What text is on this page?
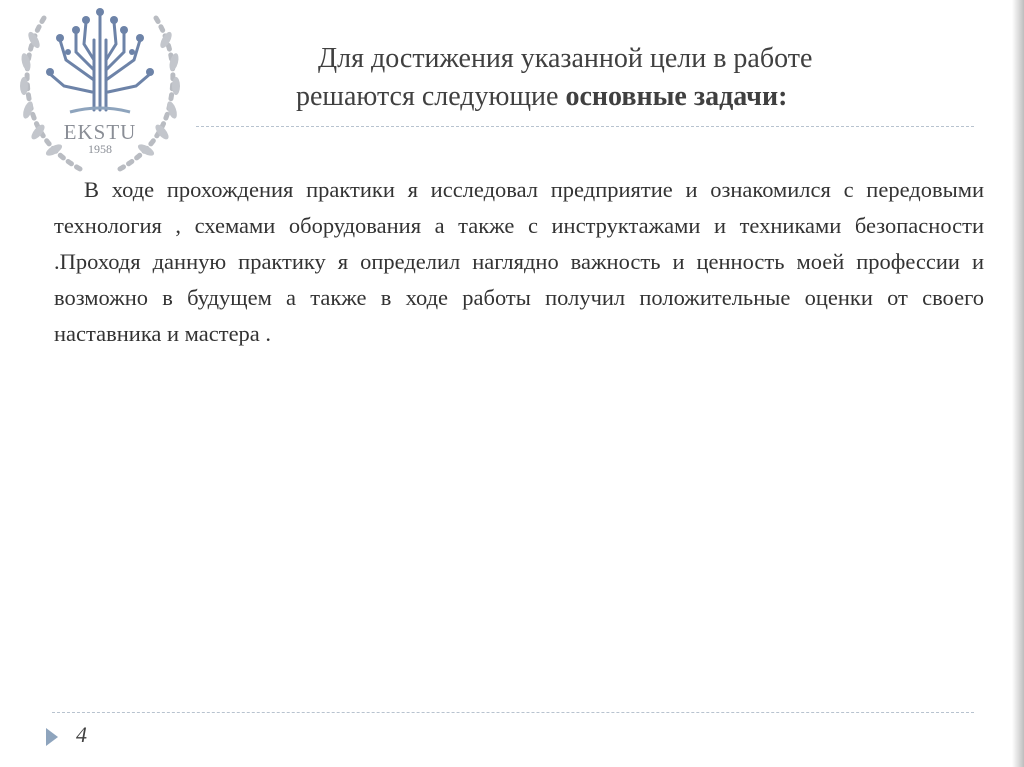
EKSTU
1958
Для достижения указанной цели в работе
решаются следующие основные задачи:

В ходе прохождения практики я исследовал предприятие и ознакомился с передовыми технология , схемами оборудования а также с инструктажами и техниками безопасности .Проходя данную практику я определил наглядно важность и ценность моей профессии и возможно в будущем а также в ходе работы получил положительные оценки от своего наставника и мастера .

4
